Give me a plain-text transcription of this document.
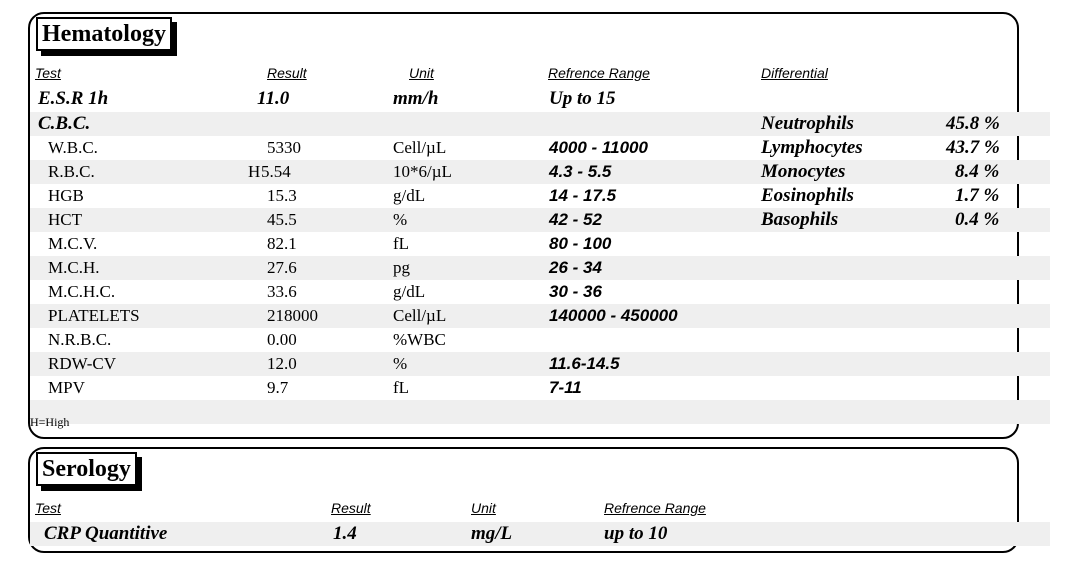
Hematology
Test	Result	Unit	Refrence Range	Differential
E.S.R 1h	11.0	mm/h	Up to 15
C.B.C.
W.B.C.	5330	Cell/µL	4000 - 11000
R.B.C.	H 5.54	10*6/µL	4.3 - 5.5
HGB	15.3	g/dL	14 - 17.5
HCT	45.5	%	42 - 52
M.C.V.	82.1	fL	80 - 100
M.C.H.	27.6	pg	26 - 34
M.C.H.C.	33.6	g/dL	30 - 36
PLATELETS	218000	Cell/µL	140000 - 450000
N.R.B.C.	0.00	%WBC
RDW-CV	12.0	%	11.6-14.5
MPV	9.7	fL	7-11
Neutrophils	45.8 %
Lymphocytes	43.7 %
Monocytes	8.4 %
Eosinophils	1.7 %
Basophils	0.4 %
H=High
Serology
Test	Result	Unit	Refrence Range
CRP Quantitive	1.4	mg/L	up to 10
